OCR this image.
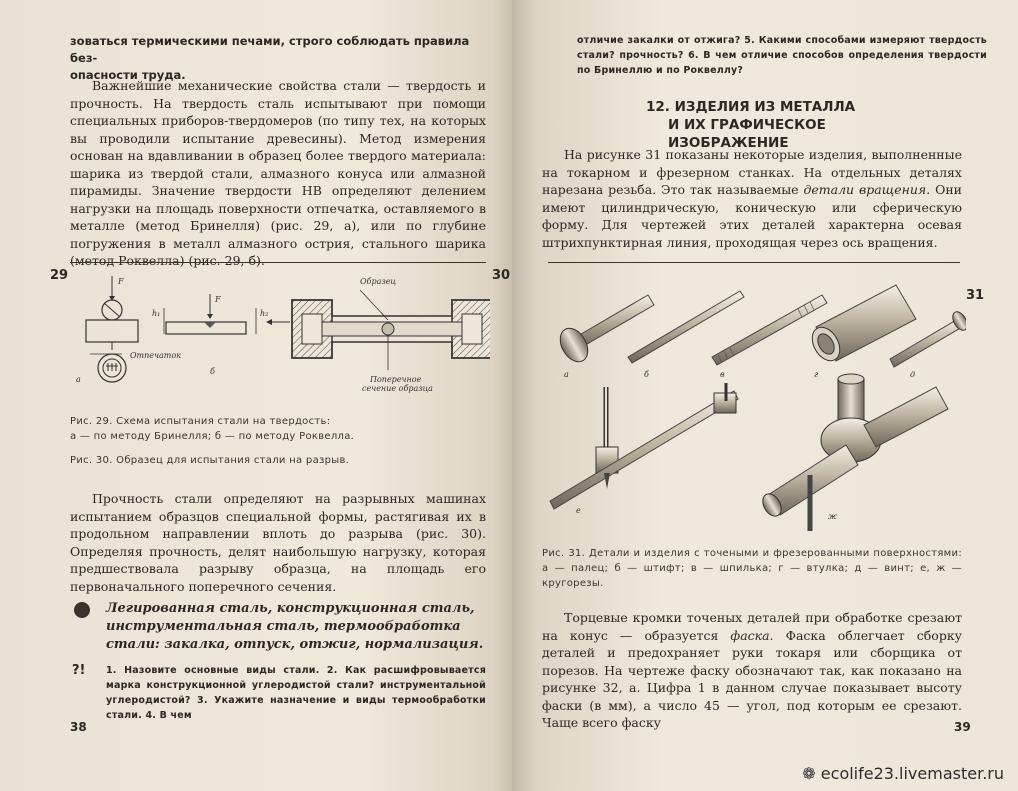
зоваться термическими печами, строго соблюдать правила без-
опасности труда.

Важнейшие механические свойства стали — твердость и прочность. На твердость сталь испытывают при помощи специальных приборов-твердомеров (по типу тех, на которых вы проводили испытание древесины). Метод измерения основан на вдавливании в образец более твердого материала: шарика из твердой стали, алмазного конуса или алмазной пирамиды. Значение твердости НВ определяют делением нагрузки на площадь поверхности отпечатка, оставляемого в металле (метод Бринелля) (рис. 29, а), или по глубине погружения в металл алмазного острия, стального шарика (метод Роквелла) (рис. 29, б).

29	30
F
Отпечаток
а
h₁	h₂
F
б
Образец
Поперечное
сечение образца
Рис. 29. Схема испытания стали на твердость:
а — по методу Бринелля; б — по методу Роквелла.
Рис. 30. Образец для испытания стали на разрыв.

Прочность стали определяют на разрывных машинах испытанием образцов специальной формы, растягивая их в продольном направлении вплоть до разрыва (рис. 30). Определяя прочность, делят наибольшую нагрузку, которая предшествовала разрыву образца, на площадь его первоначального поперечного сечения.

Легированная сталь, конструкционная сталь, инструментальная сталь, термообработка стали: закалка, отпуск, отжиг, нормализация.

?! 1. Назовите основные виды стали. 2. Как расшифровывается марка конструкционной углеродистой стали? инструментальной углеродистой? 3. Укажите назначение и виды термообработки стали. 4. В чем

38

отличие закалки от отжига? 5. Какими способами измеряют твердость стали? прочность? 6. В чем отличие способов определения твердости по Бринеллю и по Роквеллу?

12. ИЗДЕЛИЯ ИЗ МЕТАЛЛА
И ИХ ГРАФИЧЕСКОЕ ИЗОБРАЖЕНИЕ

На рисунке 31 показаны некоторые изделия, выполненные на токарном и фрезерном станках. На отдельных деталях нарезана резьба. Это так называемые детали вращения. Они имеют цилиндрическую, коническую или сферическую форму. Для чертежей этих деталей характерна осевая штрихпунктирная линия, проходящая через ось вращения.

31
а	б	в	г	д
е
ж

Рис. 31. Детали и изделия с точеными и фрезерованными поверхностями: а — палец; б — штифт; в — шпилька; г — втулка; д — винт; е, ж — кругорезы.

Торцевые кромки точеных деталей при обработке срезают на конус — образуется фаска. Фаска облегчает сборку деталей и предохраняет руки токаря или сборщика от порезов. На чертеже фаску обозначают так, как показано на рисунке 32, а. Цифра 1 в данном случае показывает высоту фаски (в мм), а число 45 — угол, под которым ее срезают. Чаще всего фаску	39
❁ ecolife23.livemaster.ru
